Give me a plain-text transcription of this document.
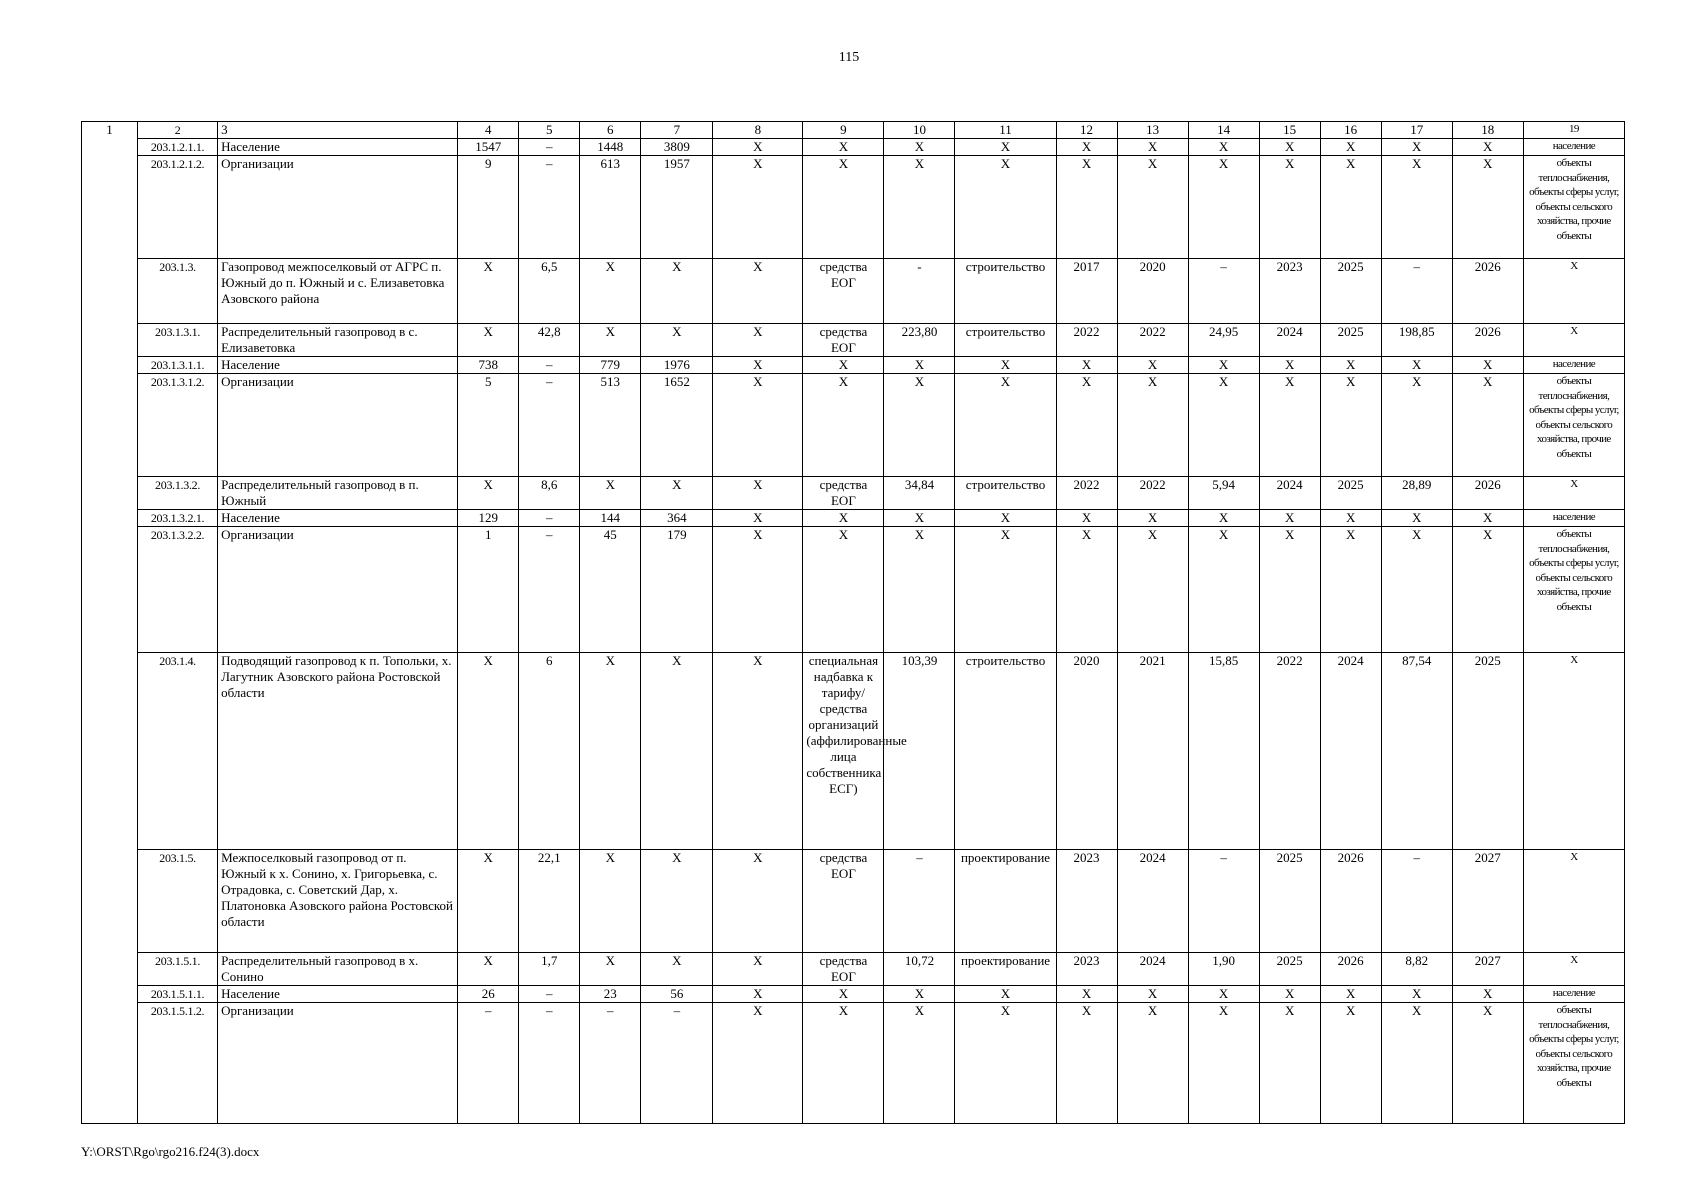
115
1	2	3	4	5	6	7	8	9	10	11	12	13	14	15	16	17	18	19
	203.1.2.1.1.	Население	1547	–	1448	3809	X	X	X	X	X	X	X	X	X	X	X	население
	203.1.2.1.2.	Организации	9	–	613	1957	X	X	X	X	X	X	X	X	X	X	X	объекты теплоснабжения, объекты сферы услуг, объекты сельского хозяйства, прочие объекты
	203.1.3.	Газопровод межпоселковый от АГРС п. Южный до п. Южный и с. Елизаветовка Азовского района	X	6,5	X	X	X	средства ЕОГ	-	строительство	2017	2020	–	2023	2025	–	2026	X
	203.1.3.1.	Распределительный газопровод в с. Елизаветовка	X	42,8	X	X	X	средства ЕОГ	223,80	строительство	2022	2022	24,95	2024	2025	198,85	2026	X
	203.1.3.1.1.	Население	738	–	779	1976	X	X	X	X	X	X	X	X	X	X	X	население
	203.1.3.1.2.	Организации	5	–	513	1652	X	X	X	X	X	X	X	X	X	X	X	объекты теплоснабжения, объекты сферы услуг, объекты сельского хозяйства, прочие объекты
	203.1.3.2.	Распределительный газопровод в п. Южный	X	8,6	X	X	X	средства ЕОГ	34,84	строительство	2022	2022	5,94	2024	2025	28,89	2026	X
	203.1.3.2.1.	Население	129	–	144	364	X	X	X	X	X	X	X	X	X	X	X	население
	203.1.3.2.2.	Организации	1	–	45	179	X	X	X	X	X	X	X	X	X	X	X	объекты теплоснабжения, объекты сферы услуг, объекты сельского хозяйства, прочие объекты
	203.1.4.	Подводящий газопровод к п. Топольки, х. Лагутник Азовского района Ростовской области	X	6	X	X	X	специальная надбавка к тарифу/ средства организаций (аффилированные лица собственника ЕСГ)	103,39	строительство	2020	2021	15,85	2022	2024	87,54	2025	X
	203.1.5.	Межпоселковый газопровод от п. Южный к х. Сонино, х. Григорьевка, с. Отрадовка, с. Советский Дар, х. Платоновка Азовского района Ростовской области	X	22,1	X	X	X	средства ЕОГ	–	проектирование	2023	2024	–	2025	2026	–	2027	X
	203.1.5.1.	Распределительный газопровод в х. Сонино	X	1,7	X	X	X	средства ЕОГ	10,72	проектирование	2023	2024	1,90	2025	2026	8,82	2027	X
	203.1.5.1.1.	Население	26	–	23	56	X	X	X	X	X	X	X	X	X	X	X	население
	203.1.5.1.2.	Организации	–	–	–	–	X	X	X	X	X	X	X	X	X	X	X	объекты теплоснабжения, объекты сферы услуг, объекты сельского хозяйства, прочие объекты
Y:\ORST\Rgo\rgo216.f24(3).docx
